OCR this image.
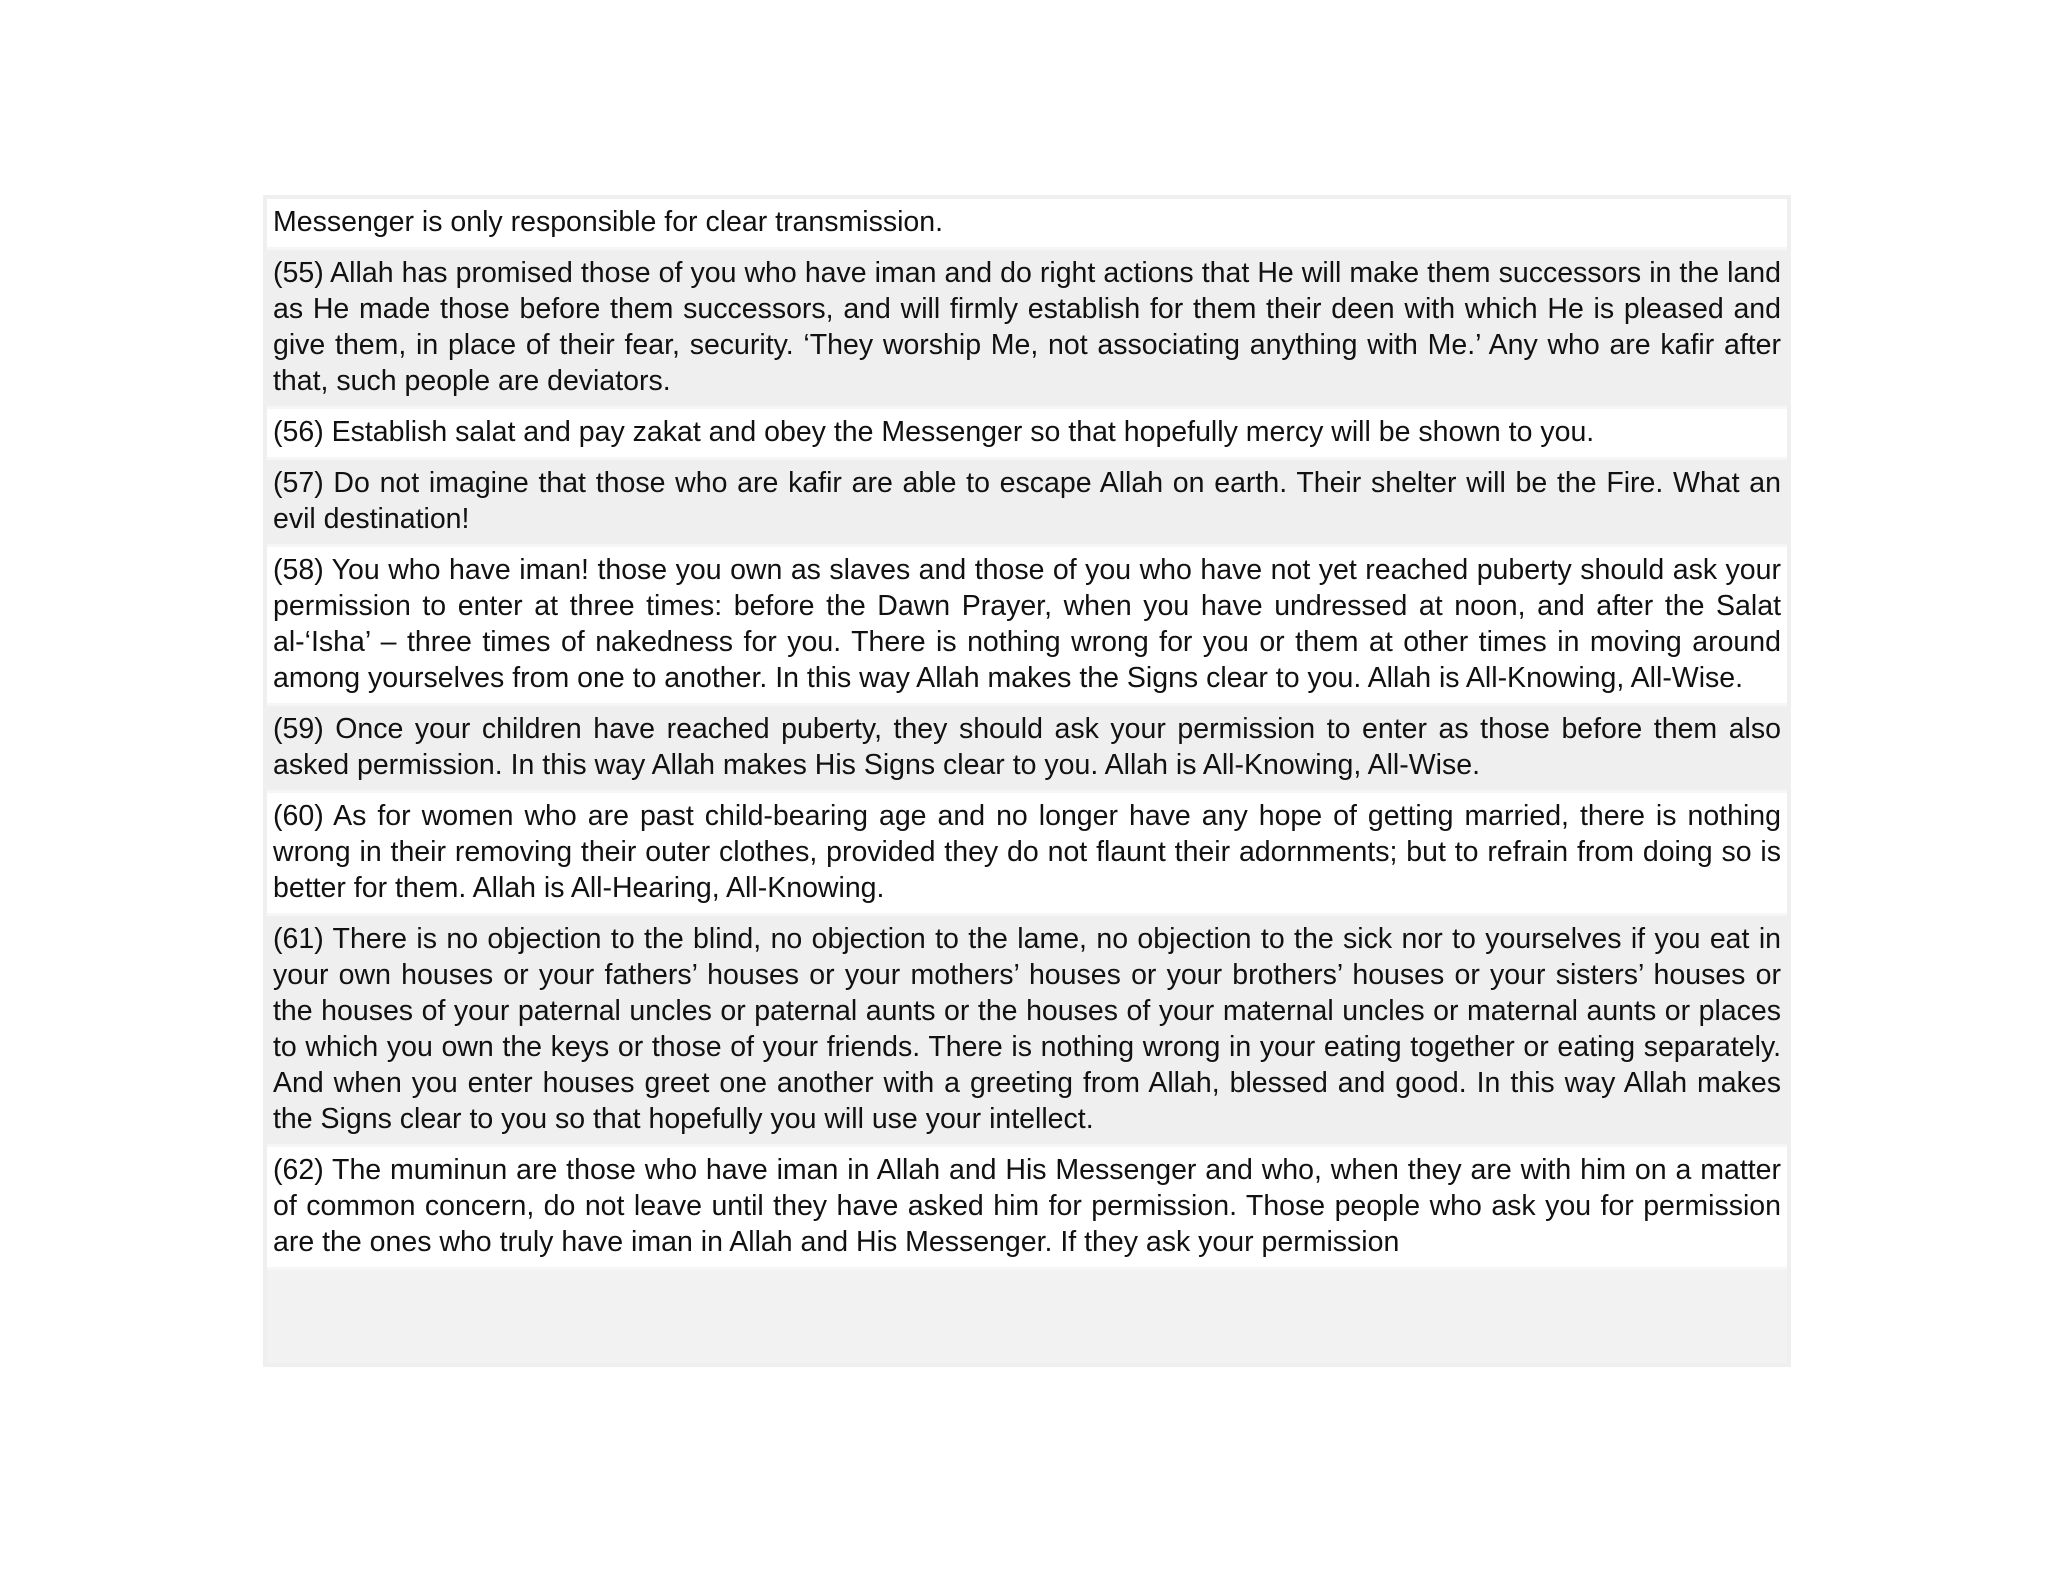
Messenger is only responsible for clear transmission.
(55) Allah has promised those of you who have iman and do right actions that He will make them successors in the land as He made those before them successors, and will firmly establish for them their deen with which He is pleased and give them, in place of their fear, security. ‘They worship Me, not associating anything with Me.’ Any who are kafir after that, such people are deviators.
(56) Establish salat and pay zakat and obey the Messenger so that hopefully mercy will be shown to you.
(57) Do not imagine that those who are kafir are able to escape Allah on earth. Their shelter will be the Fire. What an evil destination!
(58) You who have iman! those you own as slaves and those of you who have not yet reached puberty should ask your permission to enter at three times: before the Dawn Prayer, when you have undressed at noon, and after the Salat al-‘Isha’ – three times of nakedness for you. There is nothing wrong for you or them at other times in moving around among yourselves from one to another. In this way Allah makes the Signs clear to you. Allah is All-Knowing, All-Wise.
(59) Once your children have reached puberty, they should ask your permission to enter as those before them also asked permission. In this way Allah makes His Signs clear to you. Allah is All-Knowing, All-Wise.
(60) As for women who are past child-bearing age and no longer have any hope of getting married, there is nothing wrong in their removing their outer clothes, provided they do not flaunt their adornments; but to refrain from doing so is better for them. Allah is All-Hearing, All-Knowing.
(61) There is no objection to the blind, no objection to the lame, no objection to the sick nor to yourselves if you eat in your own houses or your fathers’ houses or your mothers’ houses or your brothers’ houses or your sisters’ houses or the houses of your paternal uncles or paternal aunts or the houses of your maternal uncles or maternal aunts or places to which you own the keys or those of your friends. There is nothing wrong in your eating together or eating separately. And when you enter houses greet one another with a greeting from Allah, blessed and good. In this way Allah makes the Signs clear to you so that hopefully you will use your intellect.
(62) The muminun are those who have iman in Allah and His Messenger and who, when they are with him on a matter of common concern, do not leave until they have asked him for permission. Those people who ask you for permission are the ones who truly have iman in Allah and His Messenger. If they ask your permission
